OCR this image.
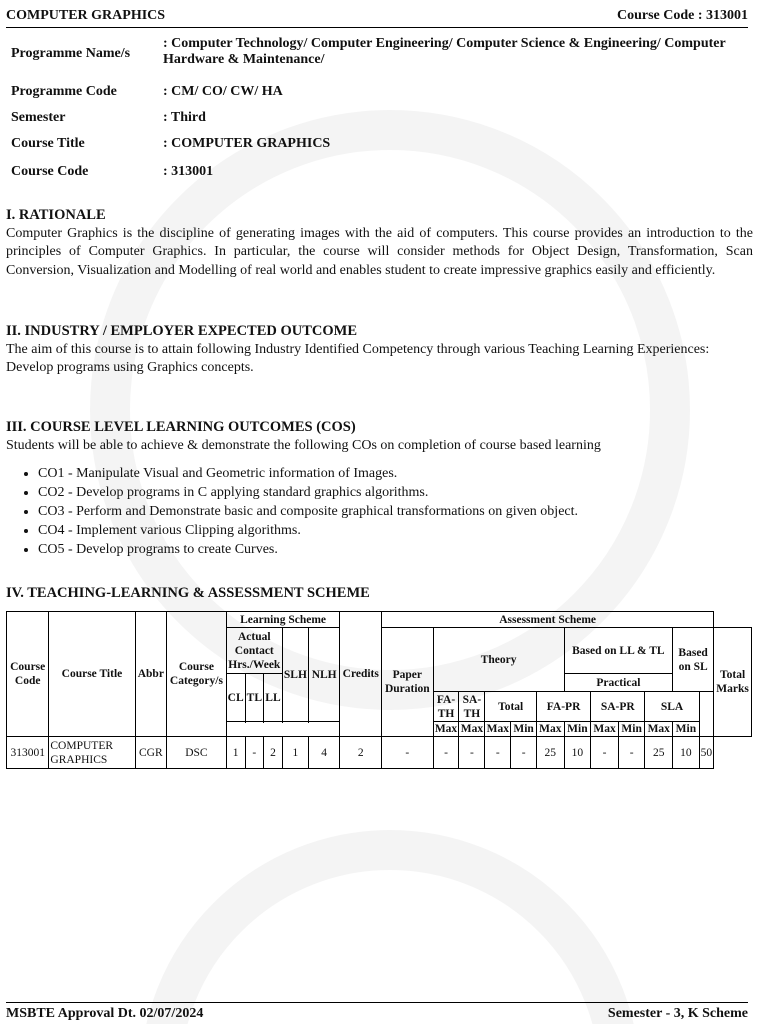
COMPUTER GRAPHICS	Course Code : 313001
Programme Name/s	: Computer Technology/ Computer Engineering/ Computer Science & Engineering/ Computer Hardware & Maintenance/
Programme Code	: CM/ CO/ CW/ HA
Semester	: Third
Course Title	: COMPUTER GRAPHICS
Course Code	: 313001
I. RATIONALE
Computer Graphics is the discipline of generating images with the aid of computers. This course provides an introduction to the principles of Computer Graphics. In particular, the course will consider methods for Object Design, Transformation, Scan Conversion, Visualization and Modelling of real world and enables student to create impressive graphics easily and efficiently.
II. INDUSTRY / EMPLOYER EXPECTED OUTCOME
The aim of this course is to attain following Industry Identified Competency through various Teaching Learning Experiences:
Develop programs using Graphics concepts.
III. COURSE LEVEL LEARNING OUTCOMES (COS)
Students will be able to achieve & demonstrate the following COs on completion of course based learning
• CO1 - Manipulate Visual and Geometric information of Images.
• CO2 - Develop programs in C applying standard graphics algorithms.
• CO3 - Perform and Demonstrate basic and composite graphical transformations on given object.
• CO4 - Implement various Clipping algorithms.
• CO5 - Develop programs to create Curves.
IV. TEACHING-LEARNING & ASSESSMENT SCHEME
Course Code	Course Title	Abbr	Course Category/s	Learning Scheme					Credits	Assessment Scheme												
				Actual Contact Hrs./Week			SLH	NLH		Paper Duration	Theory					Based on LL & TL				Based on SL		Total Marks
				CL	TL	LL										Practical						
											FA-TH	SA-TH	Total		FA-PR		SA-PR		SLA			
											Max	Max	Max	Min	Max	Min	Max	Min	Max	Min		

313001	COMPUTER GRAPHICS	CGR	DSC	1	-	2	1	4	2	-	-	-	-	-	25	10	-	-	25	10	50	
MSBTE Approval Dt. 02/07/2024	Semester - 3, K Scheme
